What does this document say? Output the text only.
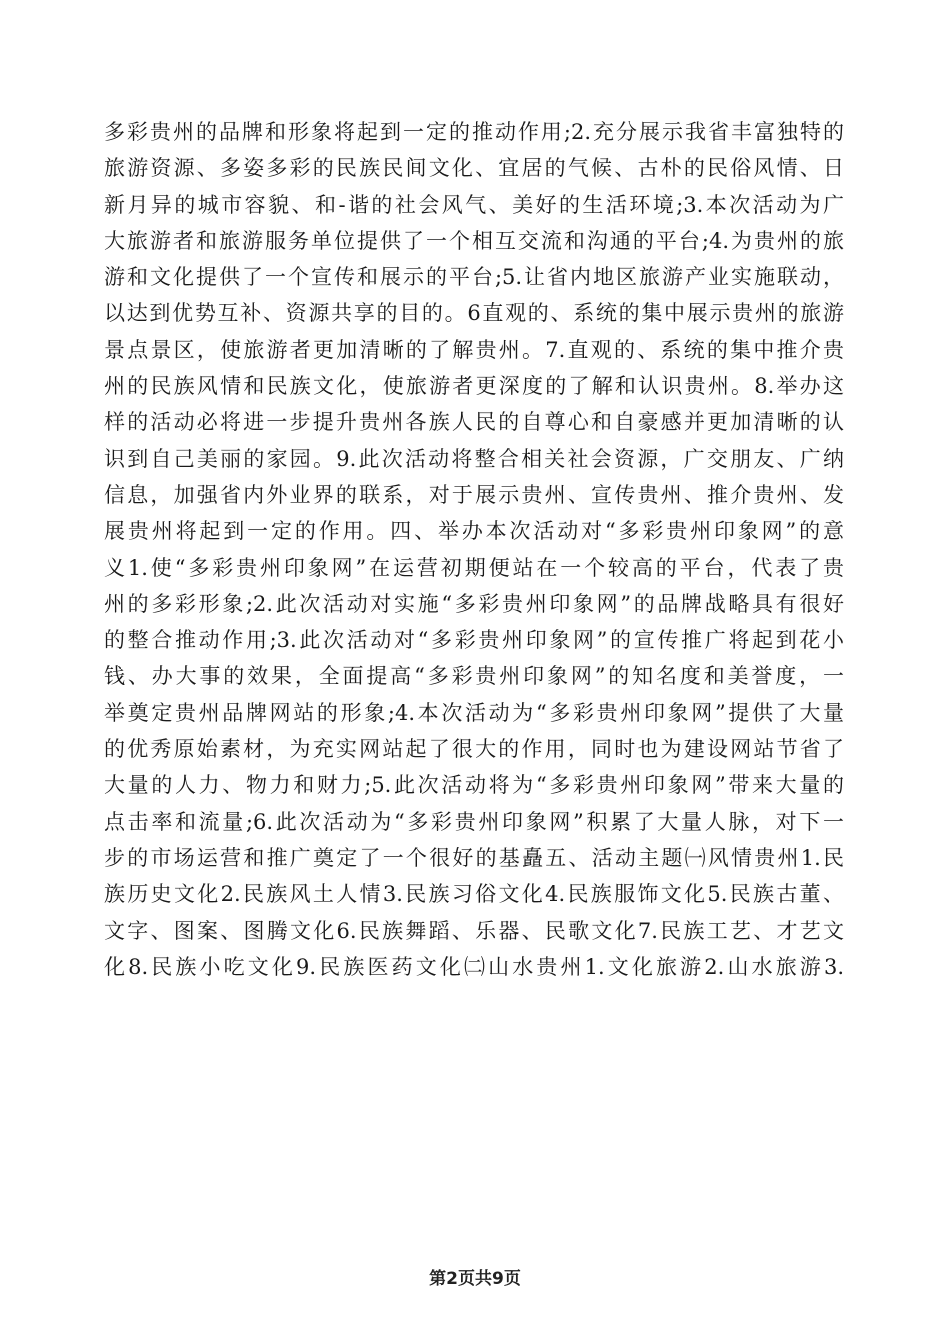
多彩贵州的品牌和形象将起到一定的推动作用;2.充分展示我省丰富独特的
旅游资源、多姿多彩的民族民间文化、宜居的气候、古朴的民俗风情、日
新月异的城市容貌、和-谐的社会风气、美好的生活环境;3.本次活动为广
大旅游者和旅游服务单位提供了一个相互交流和沟通的平台;4.为贵州的旅
游和文化提供了一个宣传和展示的平台;5.让省内地区旅游产业实施联动，
以达到优势互补、资源共享的目的。6直观的、系统的集中展示贵州的旅游
景点景区，使旅游者更加清晰的了解贵州。7.直观的、系统的集中推介贵
州的民族风情和民族文化，使旅游者更深度的了解和认识贵州。8.举办这
样的活动必将进一步提升贵州各族人民的自尊心和自豪感并更加清晰的认
识到自己美丽的家园。9.此次活动将整合相关社会资源，广交朋友、广纳
信息，加强省内外业界的联系，对于展示贵州、宣传贵州、推介贵州、发
展贵州将起到一定的作用。四、举办本次活动对“多彩贵州印象网”的意
义1.使“多彩贵州印象网”在运营初期便站在一个较高的平台，代表了贵
州的多彩形象;2.此次活动对实施“多彩贵州印象网”的品牌战略具有很好
的整合推动作用;3.此次活动对“多彩贵州印象网”的宣传推广将起到花小
钱、办大事的效果，全面提高“多彩贵州印象网”的知名度和美誉度，一
举奠定贵州品牌网站的形象;4.本次活动为“多彩贵州印象网”提供了大量
的优秀原始素材，为充实网站起了很大的作用，同时也为建设网站节省了
大量的人力、物力和财力;5.此次活动将为“多彩贵州印象网”带来大量的
点击率和流量;6.此次活动为“多彩贵州印象网”积累了大量人脉，对下一
步的市场运营和推广奠定了一个很好的基矗五、活动主题㈠风情贵州1.民
族历史文化2.民族风土人情3.民族习俗文化4.民族服饰文化5.民族古董、
文字、图案、图腾文化6.民族舞蹈、乐器、民歌文化7.民族工艺、才艺文
化8.民族小吃文化9.民族医药文化㈡山水贵州1.文化旅游2.山水旅游3.
第2页共9页
